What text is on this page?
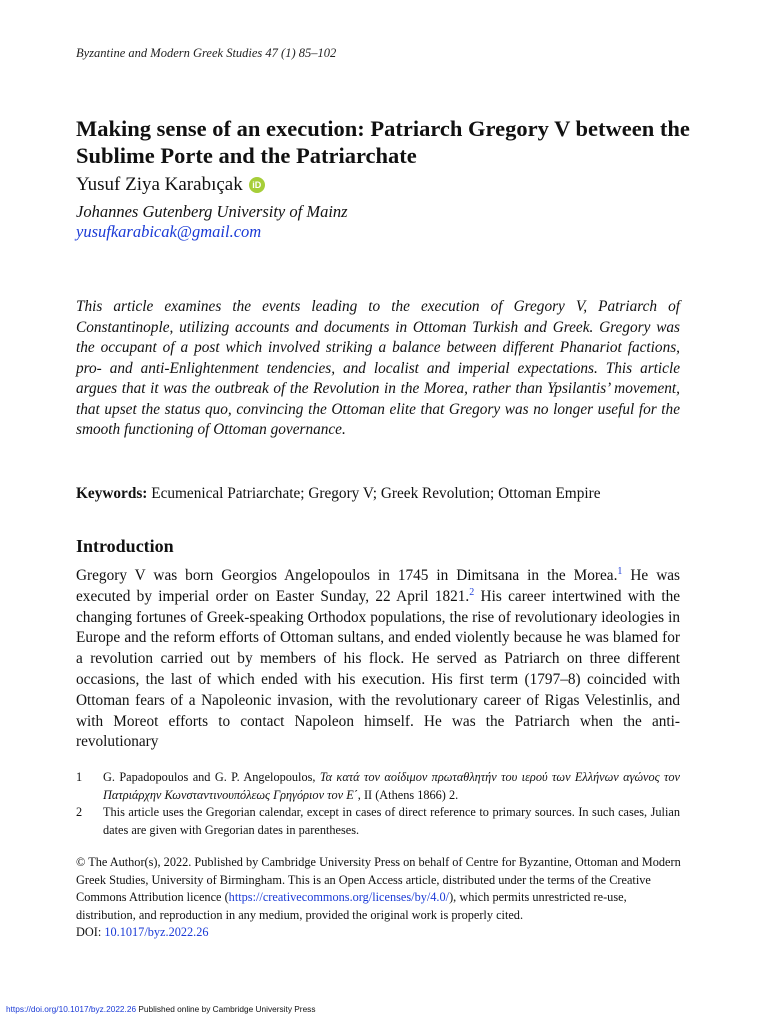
Byzantine and Modern Greek Studies 47 (1) 85–102
Making sense of an execution: Patriarch Gregory V between the Sublime Porte and the Patriarchate
Yusuf Ziya Karabıçak	iD
Johannes Gutenberg University of Mainz
yusufkarabicak@gmail.com
This article examines the events leading to the execution of Gregory V, Patriarch of Constantinople, utilizing accounts and documents in Ottoman Turkish and Greek. Gregory was the occupant of a post which involved striking a balance between different Phanariot factions, pro- and anti-Enlightenment tendencies, and localist and imperial expectations. This article argues that it was the outbreak of the Revolution in the Morea, rather than Ypsilantis’ movement, that upset the status quo, convincing the Ottoman elite that Gregory was no longer useful for the smooth functioning of Ottoman governance.
Keywords: Ecumenical Patriarchate; Gregory V; Greek Revolution; Ottoman Empire
Introduction
Gregory V was born Georgios Angelopoulos in 1745 in Dimitsana in the Morea.$^1$ He was executed by imperial order on Easter Sunday, 22 April 1821.$^2$ His career intertwined with the changing fortunes of Greek-speaking Orthodox populations, the rise of revolutionary ideologies in Europe and the reform efforts of Ottoman sultans, and ended violently because he was blamed for a revolution carried out by members of his flock. He served as Patriarch on three different occasions, the last of which ended with his execution. His first term (1797–8) coincided with Ottoman fears of a Napoleonic invasion, with the revolutionary career of Rigas Velestinlis, and with Moreot efforts to contact Napoleon himself. He was the Patriarch when the anti-revolutionary
1	G. Papadopoulos and G. P. Angelopoulos, Τα κατά τον αοίδιμον πρωταθλητήν του ιερού των Ελλήνων αγώνος τον Πατριάρχην Κωνσταντινουπόλεως Γρηγόριον τον Ε΄, II (Athens 1866) 2.
2	This article uses the Gregorian calendar, except in cases of direct reference to primary sources. In such cases, Julian dates are given with Gregorian dates in parentheses.
© The Author(s), 2022. Published by Cambridge University Press on behalf of Centre for Byzantine, Ottoman and Modern Greek Studies, University of Birmingham. This is an Open Access article, distributed under the terms of the Creative Commons Attribution licence (https://creativecommons.org/licenses/by/4.0/), which permits unrestricted re-use, distribution, and reproduction in any medium, provided the original work is properly cited.
DOI: 10.1017/byz.2022.26
https://doi.org/10.1017/byz.2022.26 Published online by Cambridge University Press
